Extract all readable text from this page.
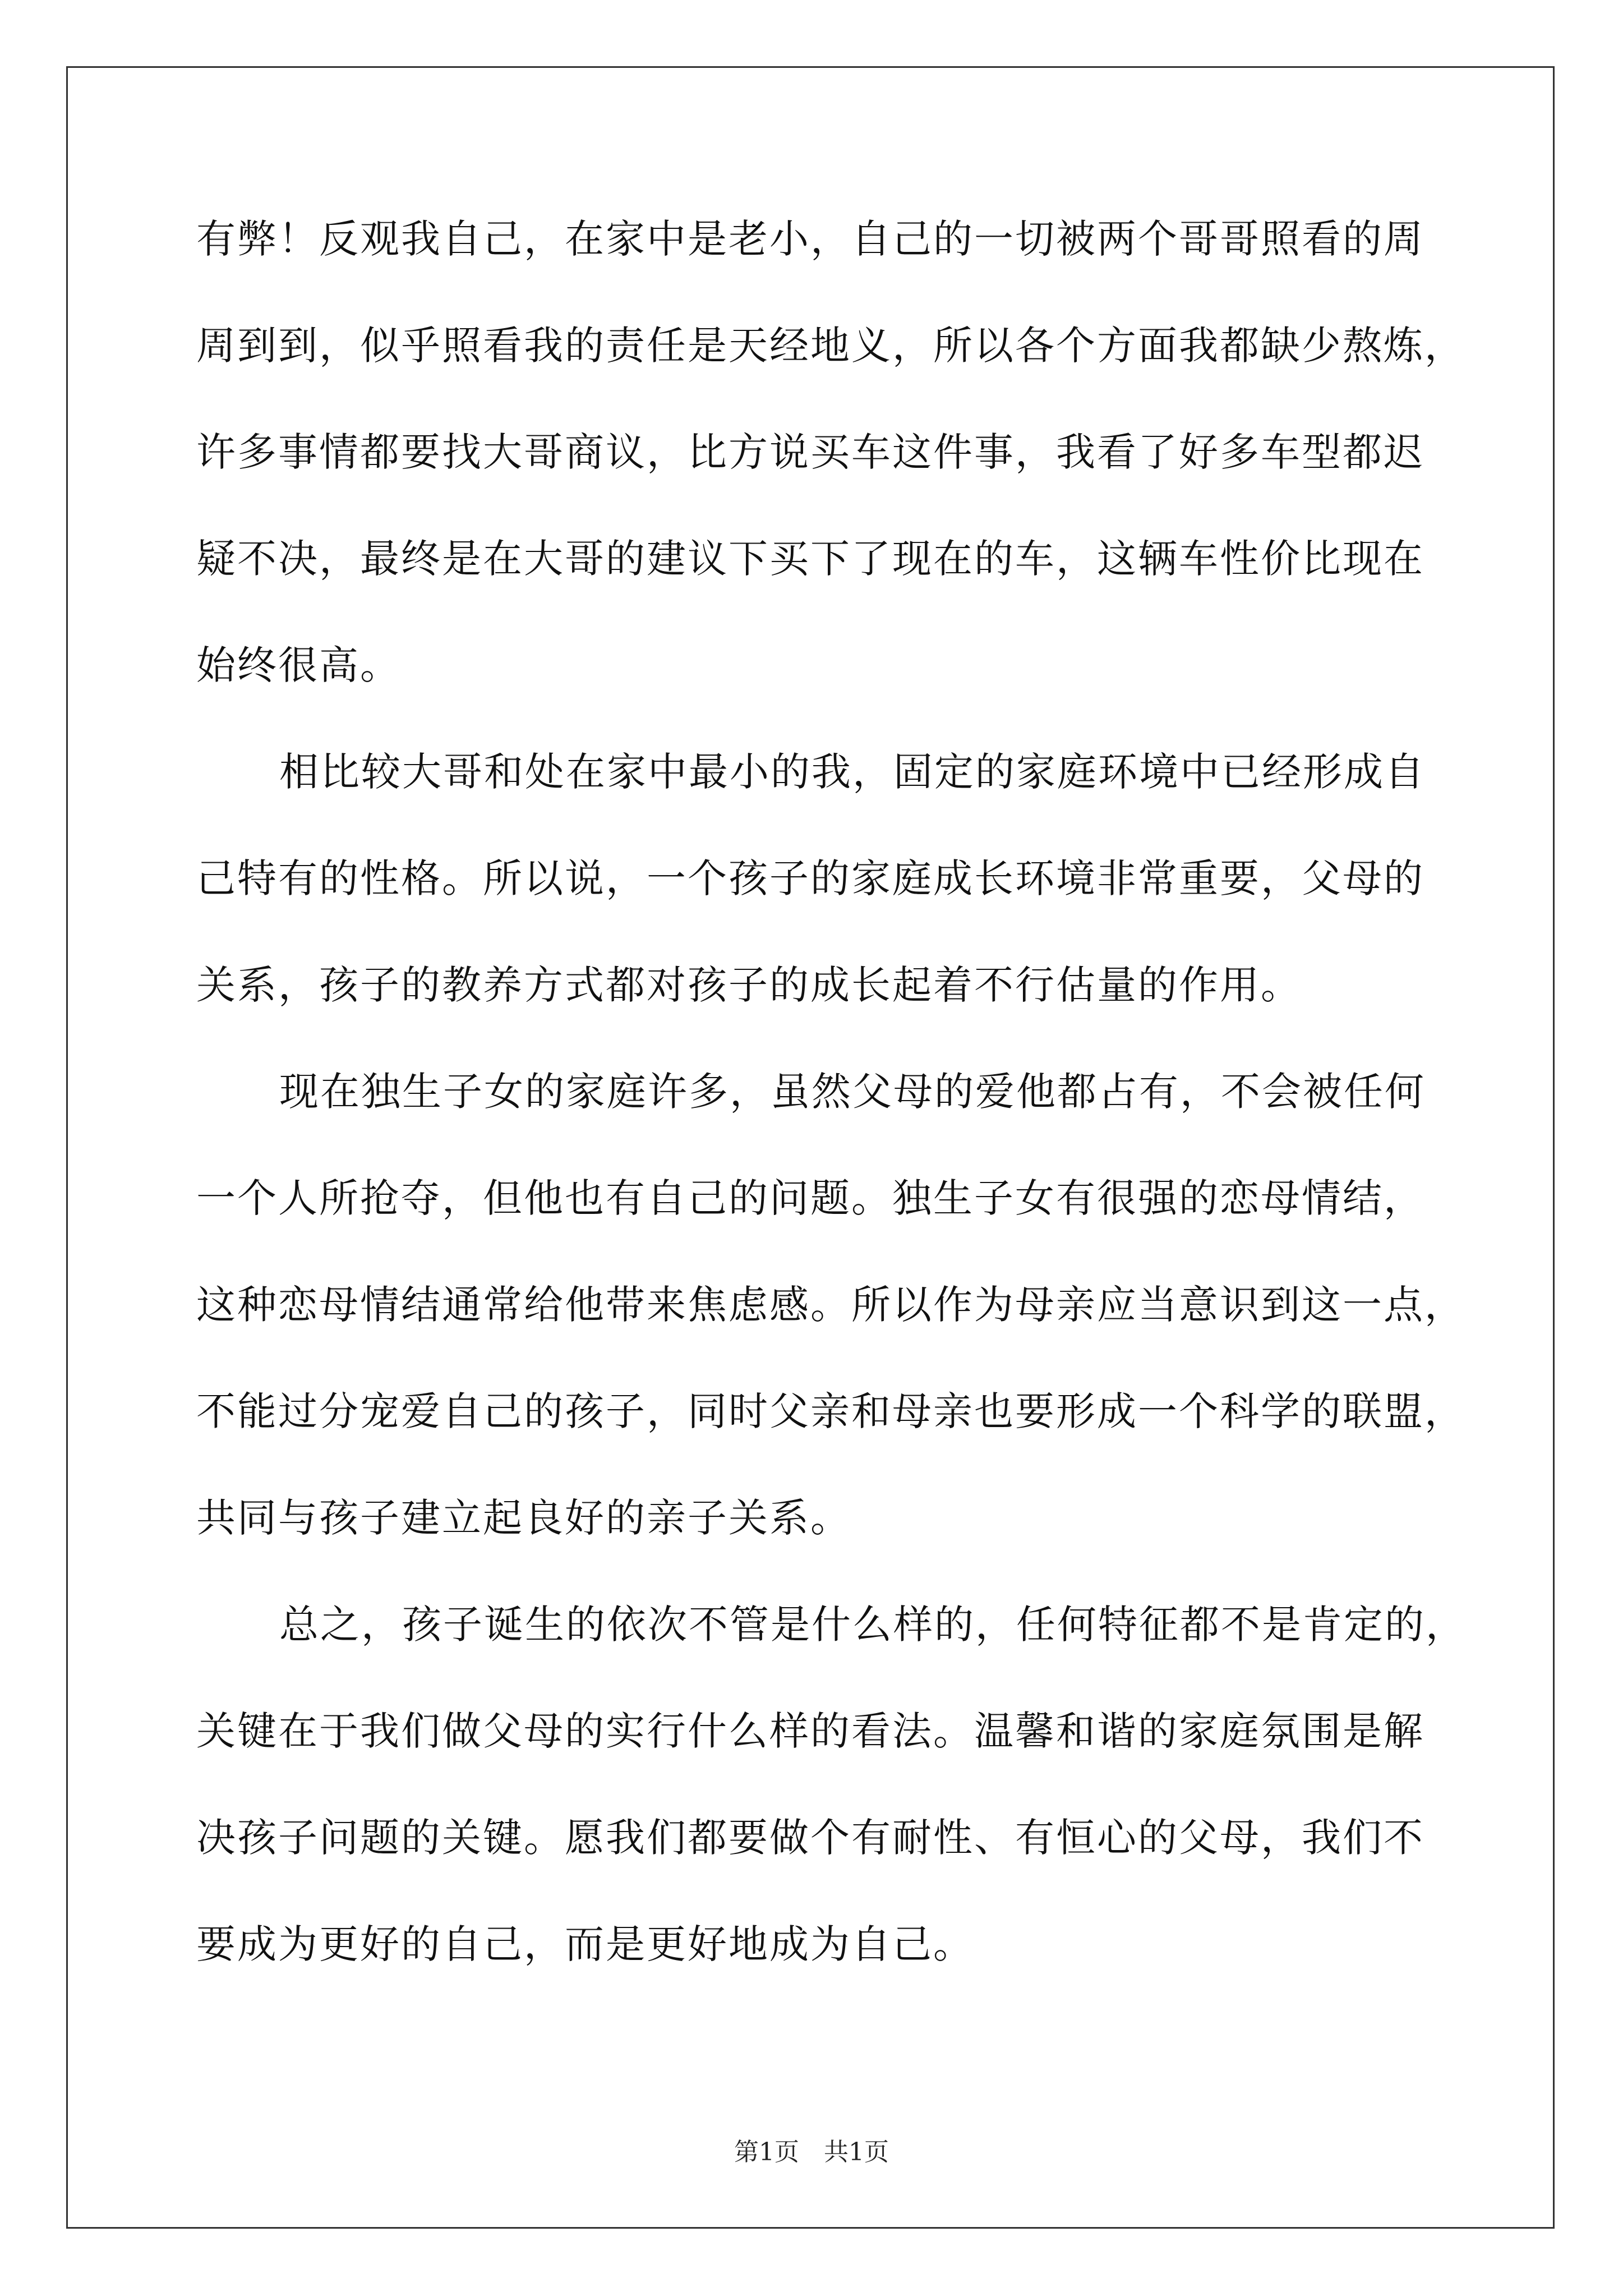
有弊！反观我自己，在家中是老小，自己的一切被两个哥哥照看的周
周到到，似乎照看我的责任是天经地义，所以各个方面我都缺少熬炼，
许多事情都要找大哥商议，比方说买车这件事，我看了好多车型都迟
疑不决，最终是在大哥的建议下买下了现在的车，这辆车性价比现在
始终很高。
相比较大哥和处在家中最小的我，固定的家庭环境中已经形成自
己特有的性格。所以说，一个孩子的家庭成长环境非常重要，父母的
关系，孩子的教养方式都对孩子的成长起着不行估量的作用。
现在独生子女的家庭许多，虽然父母的爱他都占有，不会被任何
一个人所抢夺，但他也有自己的问题。独生子女有很强的恋母情结，
这种恋母情结通常给他带来焦虑感。所以作为母亲应当意识到这一点，
不能过分宠爱自己的孩子，同时父亲和母亲也要形成一个科学的联盟，
共同与孩子建立起良好的亲子关系。
总之，孩子诞生的依次不管是什么样的，任何特征都不是肯定的，
关键在于我们做父母的实行什么样的看法。温馨和谐的家庭氛围是解
决孩子问题的关键。愿我们都要做个有耐性、有恒心的父母，我们不
要成为更好的自己，而是更好地成为自己。
第1页　共1页
